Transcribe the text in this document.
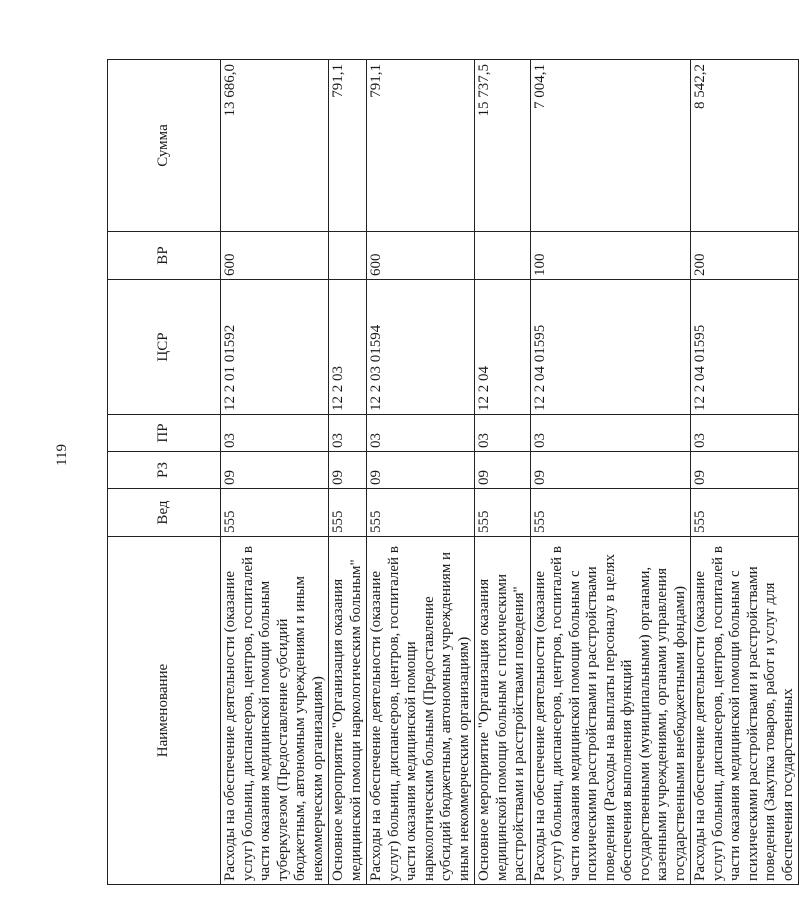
119
Наименование	Вед	РЗ	ПР	ЦСР	ВР	Сумма
Расходы на обеспечение деятельности (оказание услуг) больниц, диспансеров, центров, госпиталей в части оказания медицинской помощи больным туберкулезом (Предоставление субсидий бюджетным, автономным учреждениям и иным некоммерческим организациям)	555	09	03	12 2 01 01592	600	13 686,0
Основное мероприятие "Организация оказания медицинской помощи наркологическим больным"	555	09	03	12 2 03		791,1
Расходы на обеспечение деятельности (оказание услуг) больниц, диспансеров, центров, госпиталей в части оказания медицинской помощи наркологическим больным (Предоставление субсидий бюджетным, автономным учреждениям и иным некоммерческим организациям)	555	09	03	12 2 03 01594	600	791,1
Основное мероприятие "Организация оказания медицинской помощи больным с психическими расстройствами и расстройствами поведения"	555	09	03	12 2 04		15 737,5
Расходы на обеспечение деятельности (оказание услуг) больниц, диспансеров, центров, госпиталей в части оказания медицинской помощи больным с психическими расстройствами и расстройствами поведения (Расходы на выплаты персоналу в целях обеспечения выполнения функций государственными (муниципальными) органами, казенными учреждениями, органами управления государственными внебюджетными фондами)	555	09	03	12 2 04 01595	100	7 004,1
Расходы на обеспечение деятельности (оказание услуг) больниц, диспансеров, центров, госпиталей в части оказания медицинской помощи больным с психическими расстройствами и расстройствами поведения (Закупка товаров, работ и услуг для обеспечения государственных	555	09	03	12 2 04 01595	200	8 542,2
